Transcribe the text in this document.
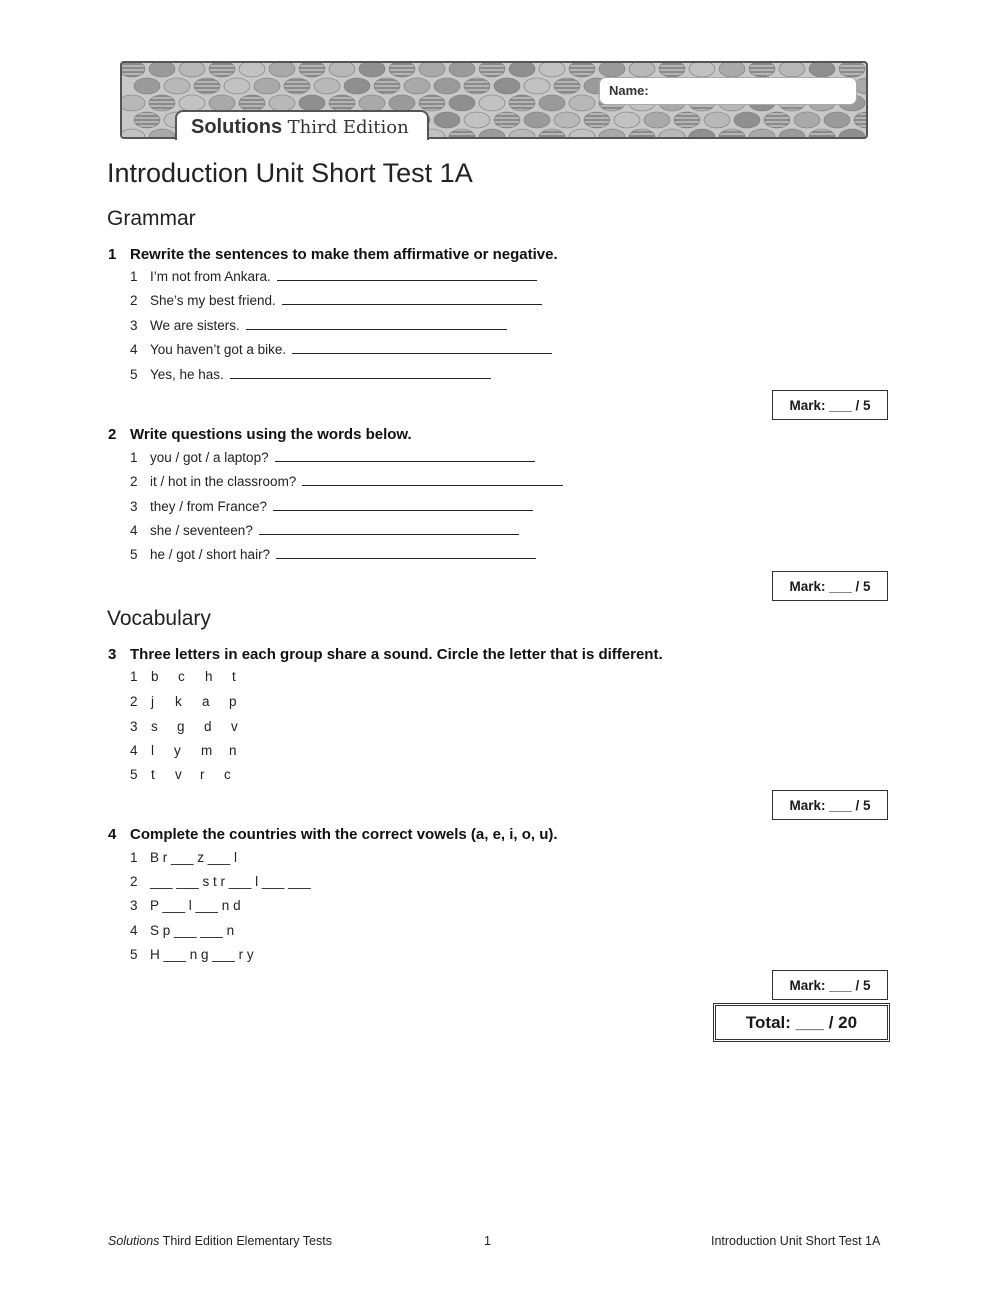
Name:
Solutions Third Edition
Introduction Unit Short Test 1A
Grammar
1 Rewrite the sentences to make them affirmative or negative.
1 I’m not from Ankara.
2 She’s my best friend.
3 We are sisters.
4 You haven’t got a bike.
5 Yes, he has.
Mark: ___ / 5
2 Write questions using the words below.
1 you / got / a laptop?
2 it / hot in the classroom?
3 they / from France?
4 she / seventeen?
5 he / got / short hair?
Mark: ___ / 5
Vocabulary
3 Three letters in each group share a sound. Circle the letter that is different.
1 b c h t
2 j k a p
3 s g d v
4 l y m n
5 t v r c
Mark: ___ / 5
4 Complete the countries with the correct vowels (a, e, i, o, u).
1 B r ___ z ___ l
2 ___ ___ s t r ___ l ___ ___
3 P ___ l ___ n d
4 S p ___ ___ n
5 H ___ n g ___ r y
Mark: ___ / 5
Total: ___ / 20
Solutions Third Edition Elementary Tests	1	Introduction Unit Short Test 1A
